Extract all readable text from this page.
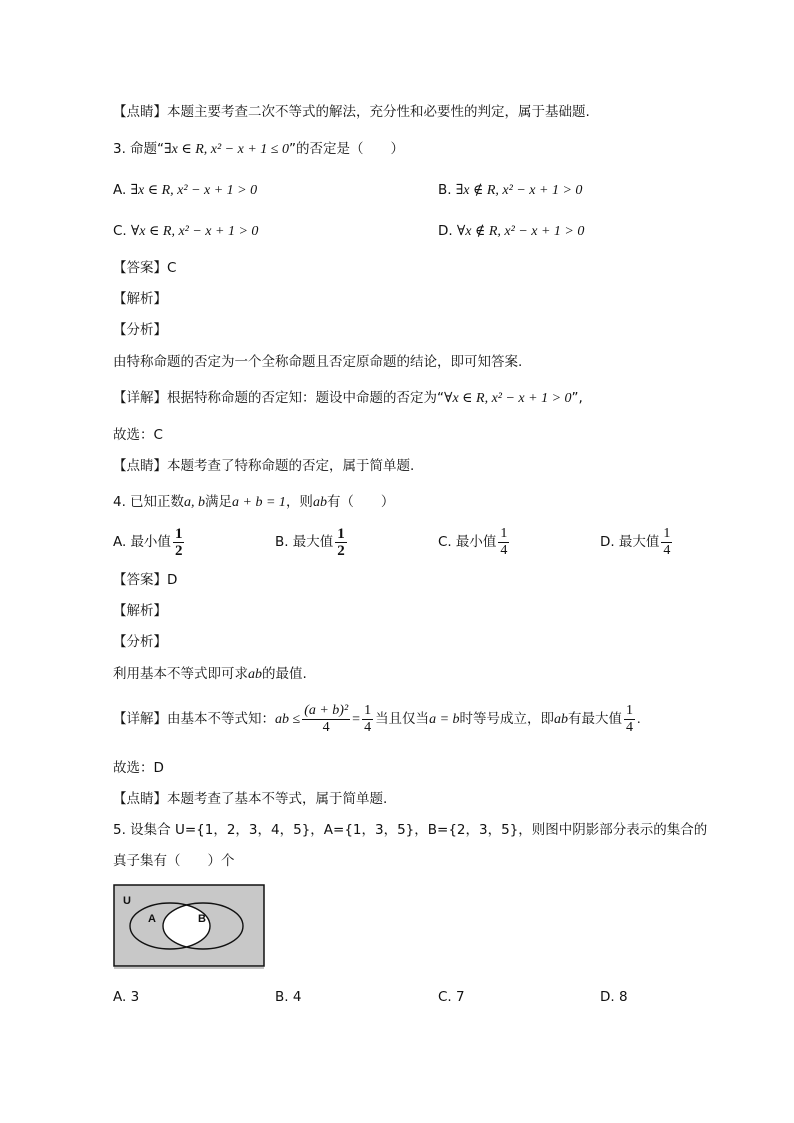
【点睛】本题主要考查二次不等式的解法，充分性和必要性的判定，属于基础题.
3. 命题“∃x ∈ R, x² − x + 1 ≤ 0”的否定是（　　）
A. ∃x ∈ R, x² − x + 1 > 0	B. ∃x ∉ R, x² − x + 1 > 0
C. ∀x ∈ R, x² − x + 1 > 0	D. ∀x ∉ R, x² − x + 1 > 0
【答案】C
【解析】
【分析】
由特称命题的否定为一个全称命题且否定原命题的结论，即可知答案.
【详解】根据特称命题的否定知：题设中命题的否定为“∀x ∈ R, x² − x + 1 > 0”,
故选：C
【点睛】本题考查了特称命题的否定，属于简单题.
4. 已知正数a, b满足a + b = 1，则ab有（　　）
A. 最小值 $\frac{1}{2}$	B. 最大值 $\frac{1}{2}$	C. 最小值 $\frac{1}{4}$	D. 最大值 $\frac{1}{4}$
【答案】D
【解析】
【分析】
利用基本不等式即可求ab的最值.
【详解】由基本不等式知：ab ≤ $\frac{\text{(a + b)²}}{4} = \frac{1}{4}$ 当且仅当a = b时等号成立，即ab有最大值 $\frac{1}{4}$ .
故选：D
【点睛】本题考查了基本不等式，属于简单题.
5. 设集合 U={1，2，3，4，5}，A={1，3，5}，B={2，3，5}，则图中阴影部分表示的集合的
真子集有（　　）个
U
A	B
A. 3	B. 4	C. 7	D. 8
